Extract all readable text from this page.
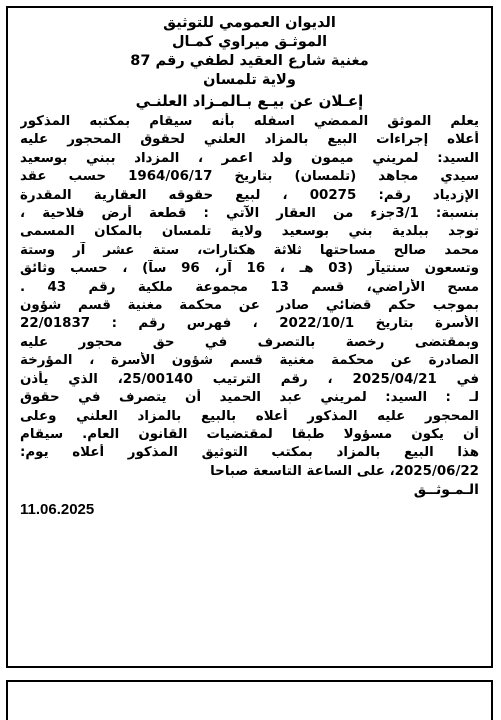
الديوان العمومي للتوثيق
الموثـق ميراوي كمـال
مغنية شارع العقيد لطفي رقم 87
ولاية تلمسان
إعـلان عن بيـع بـالمـزاد العلنـي
يعلم الموثق الممضي اسفله بأنه سيقام بمكتبه المذكور
أعلاه إجراءات البيع بالمزاد العلني لحقوق المحجور عليه
السيد: لمريني ميمون ولد اعمر ، المزداد ببني بوسعيد
سيدي مجاهد (تلمسان) بتاريخ 1964/06/17 حسب عقد
الإزدياد رقم: 00275 ، لبيع حقوقه العقارية المقدرة
بنسبة: 3/1جزء من العقار الآتي : قطعة أرض فلاحية ،
توجد ببلدية بني بوسعيد ولاية تلمسان بالمكان المسمى
محمد صالح مساحتها ثلاثة هكتارات، ستة عشر آر وستة
وتسعون سنتيآر (03 هـ ، 16 آر، 96 سآ) ، حسب وثائق
مسح الأراضي، قسم 13 مجموعة ملكية رقم 43 .
بموجب حكم قضائي صادر عن محكمة مغنية قسم شؤون
الأسرة بتاريخ 2022/10/1 ، فهرس رقم : 22/01837
وبمقتضى رخصة بالتصرف في حق محجور عليه
الصادرة عن محكمة مغنية قسم شؤون الأسرة ، المؤرخة
في 2025/04/21 ، رقم الترتيب 25/00140، الذي يأذن
لـ : السيد: لمريني عبد الحميد أن يتصرف في حقوق
المحجور عليه المذكور أعلاه بالبيع بالمزاد العلني وعلى
أن يكون مسؤولا طبقا لمقتضيات القانون العام. سيقام
هذا البيع بالمزاد بمكتب التوثيق المذكور أعلاه يوم:
2025/06/22، على الساعة التاسعة صباحا
الـمـوثــق
11.06.2025
